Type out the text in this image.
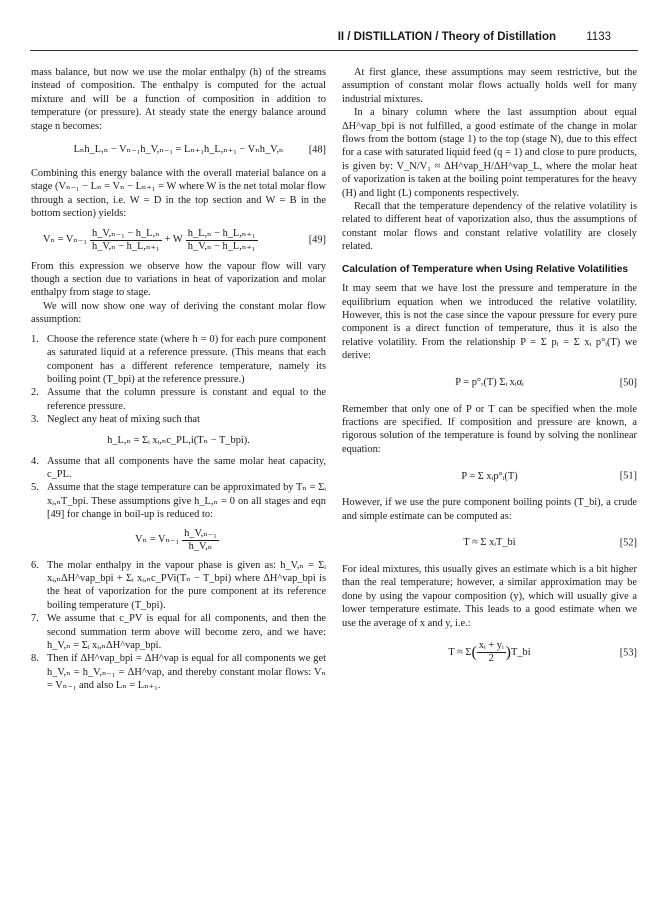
II / DISTILLATION / Theory of Distillation	1133

mass balance, but now we use the molar enthalpy (h) of the streams instead of composition. The enthalpy is computed for the actual mixture and will be a function of composition in addition to temperature (or pressure). At steady state the energy balance around stage n becomes:

Lₙh_L,ₙ − Vₙ₋₁h_V,ₙ₋₁ = Lₙ₊₁h_L,ₙ₊₁ − Vₙh_V,ₙ [48]

Combining this energy balance with the overall material balance on a stage (Vₙ₋₁ − Lₙ = Vₙ − Lₙ₊₁ = W where W is the net total molar flow through a section, i.e. W = D in the top section and W = B in the bottom section) yields:

$V_n = V_{n-1} \frac{\text{h\_V,ₙ₋₁ − h\_L,ₙ}}{\text{h\_V,ₙ − h\_L,ₙ₊₁}} + W \frac{\text{h\_L,ₙ − h\_L,ₙ₊₁}}{\text{h\_V,ₙ − h\_L,ₙ₊₁}}$	[49]

From this expression we observe how the vapour flow will vary though a section due to variations in heat of vaporization and molar enthalpy from stage to stage.

We will now show one way of deriving the constant molar flow assumption:

1. Choose the reference state (where h = 0) for each pure component as saturated liquid at a reference pressure. (This means that each component has a different reference temperature, namely its boiling point (T_bpi) at the reference pressure.)
2. Assume that the column pressure is constant and equal to the reference pressure.
3. Neglect any heat of mixing such that
h_L,ₙ = Σᵢ xᵢ,ₙc_PL,i(Tₙ − T_bpi).
4. Assume that all components have the same molar heat capacity, c_PL.
5. Assume that the stage temperature can be approximated by Tₙ = Σᵢ xᵢ,ₙT_bpi. These assumptions give h_L,ₙ = 0 on all stages and eqn [49] for change in boil-up is reduced to:
$V_n = V_{n-1} \frac{\text{h\_V,ₙ₋₁}}{\text{h\_V,ₙ}}$
6. The molar enthalpy in the vapour phase is given as: h_V,ₙ = Σᵢ xᵢ,ₙΔH^vap_bpi + Σᵢ xᵢ,ₙc_PVi(Tₙ − T_bpi) where ΔH^vap_bpi is the heat of vaporization for the pure component at its reference boiling temperature (T_bpi).
7. We assume that c_PV is equal for all components, and then the second summation term above will become zero, and we have: h_V,ₙ = Σᵢ xᵢ,ₙΔH^vap_bpi.
8. Then if ΔH^vap_bpi = ΔH^vap is equal for all components we get h_V,ₙ = h_V,ₙ₋₁ = ΔH^vap, and thereby constant molar flows: Vₙ = Vₙ₋₁ and also Lₙ = Lₙ₊₁.

At first glance, these assumptions may seem restrictive, but the assumption of constant molar flows actually holds well for many industrial mixtures.

In a binary column where the last assumption about equal ΔH^vap_bpi is not fulfilled, a good estimate of the change in molar flows from the bottom (stage 1) to the top (stage N), due to this effect for a case with saturated liquid feed (q = 1) and close to pure products, is given by: V_N/V₁ ≈ ΔH^vap_H/ΔH^vap_L, where the molar heat of vaporization is taken at the boiling point temperatures for the heavy (H) and light (L) components respectively.

Recall that the temperature dependency of the relative volatility is related to different heat of vaporization also, thus the assumptions of constant molar flows and constant relative volatility are closely related.

Calculation of Temperature when Using Relative Volatilities

It may seem that we have lost the pressure and temperature in the equilibrium equation when we introduced the relative volatility. However, this is not the case since the vapour pressure for every pure component is a direct function of temperature, thus it is also the relative volatility. From the relationship P = Σ pᵢ = Σ xᵢ p°ᵢ(T) we derive:

P = p°ᵣ(T) Σᵢ xᵢαᵢ	[50]

Remember that only one of P or T can be specified when the mole fractions are specified. If composition and pressure are known, a rigorous solution of the temperature is found by solving the nonlinear equation:

P = Σ xᵢp°ᵢ(T)	[51]

However, if we use the pure component boiling points (T_bi), a crude and simple estimate can be computed as:

T ≈ Σ xᵢT_bi	[52]

For ideal mixtures, this usually gives an estimate which is a bit higher than the real temperature; however, a similar approximation may be done by using the vapour composition (y), which will usually give a lower temperature estimate. This leads to a good estimate when we use the average of x and y, i.e.:

T ≈ Σ ( $\frac{\text{xᵢ + yᵢ}}{2}$ ) T_bi	[53]
